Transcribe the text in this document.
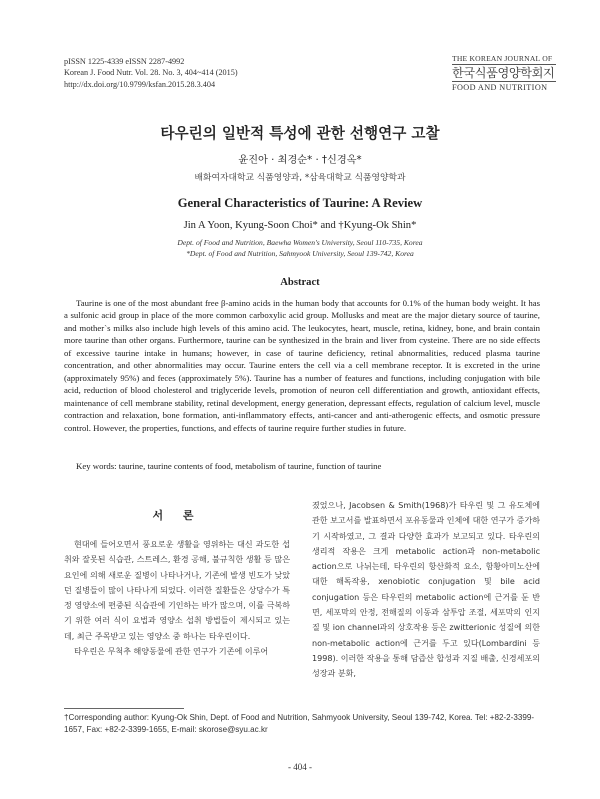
pISSN 1225-4339 eISSN 2287-4992
Korean J. Food Nutr. Vol. 28. No. 3, 404~414 (2015)
http://dx.doi.org/10.9799/ksfan.2015.28.3.404
THE KOREAN JOURNAL OF
한국식품영양학회지
FOOD AND NUTRITION
타우린의 일반적 특성에 관한 선행연구 고찰
윤진아 · 최경순* · †신경옥*
배화여자대학교 식품영양과, *삼육대학교 식품영양학과
General Characteristics of Taurine: A Review
Jin A Yoon, Kyung-Soon Choi* and †Kyung-Ok Shin*
Dept. of Food and Nutrition, Baewha Women's University, Seoul 110-735, Korea
*Dept. of Food and Nutrition, Sahmyook University, Seoul 139-742, Korea
Abstract
Taurine is one of the most abundant free β-amino acids in the human body that accounts for 0.1% of the human body weight. It has a sulfonic acid group in place of the more common carboxylic acid group. Mollusks and meat are the major dietary source of taurine, and mother`s milks also include high levels of this amino acid. The leukocytes, heart, muscle, retina, kidney, bone, and brain contain more taurine than other organs. Furthermore, taurine can be synthesized in the brain and liver from cysteine. There are no side effects of excessive taurine intake in humans; however, in case of taurine deficiency, retinal abnormalities, reduced plasma taurine concentration, and other abnormalities may occur. Taurine enters the cell via a cell membrane receptor. It is excreted in the urine (approximately 95%) and feces (approximately 5%). Taurine has a number of features and functions, including conjugation with bile acid, reduction of blood cholesterol and triglyceride levels, promotion of neuron cell differentiation and growth, antioxidant effects, maintenance of cell membrane stability, retinal development, energy generation, depressant effects, regulation of calcium level, muscle contraction and relaxation, bone formation, anti-inflammatory effects, anti-cancer and anti-atherogenic effects, and osmotic pressure control. However, the properties, functions, and effects of taurine require further studies in future.
Key words: taurine, taurine contents of food, metabolism of taurine, function of taurine
서 론

현대에 들어오면서 풍요로운 생활을 영위하는 대신 과도한 섭취와 잘못된 식습관, 스트레스, 환경 공해, 불규칙한 생활 등 많은 요인에 의해 새로운 질병이 나타나거나, 기존에 발생 빈도가 낮았던 질병들이 많이 나타나게 되었다. 이러한 질환들은 상당수가 특정 영양소에 편중된 식습관에 기인하는 바가 많으며, 이를 극복하기 위한 여러 식이 요법과 영양소 섭취 방법들이 제시되고 있는데, 최근 주목받고 있는 영양소 중 하나는 타우린이다.

타우린은 무척추 해양동물에 관한 연구가 기존에 이루어

졌었으나, Jacobsen & Smith(1968)가 타우린 및 그 유도체에 관한 보고서를 발표하면서 포유동물과 인체에 대한 연구가 증가하기 시작하였고, 그 결과 다양한 효과가 보고되고 있다. 타우린의 생리적 작용은 크게 metabolic action과 non-metabolic action으로 나뉘는데, 타우린의 항산화적 요소, 함황아미노산에 대한 해독작용, xenobiotic conjugation 및 bile acid conjugation 등은 타우린의 metabolic action에 근거를 둔 반면, 세포막의 안정, 전해질의 이동과 삼투압 조절, 세포막의 인지질 및 ion channel과의 상호작용 등은 zwitterionic 성질에 의한 non-metabolic action에 근거를 두고 있다(Lombardini 등 1998). 이러한 작용을 통해 담즙산 합성과 지질 배출, 신경세포의 성장과 분화,

†Corresponding author: Kyung-Ok Shin, Dept. of Food and Nutrition, Sahmyook University, Seoul 139-742, Korea. Tel: +82-2-3399-1657, Fax: +82-2-3399-1655, E-mail: skorose@syu.ac.kr
- 404 -
